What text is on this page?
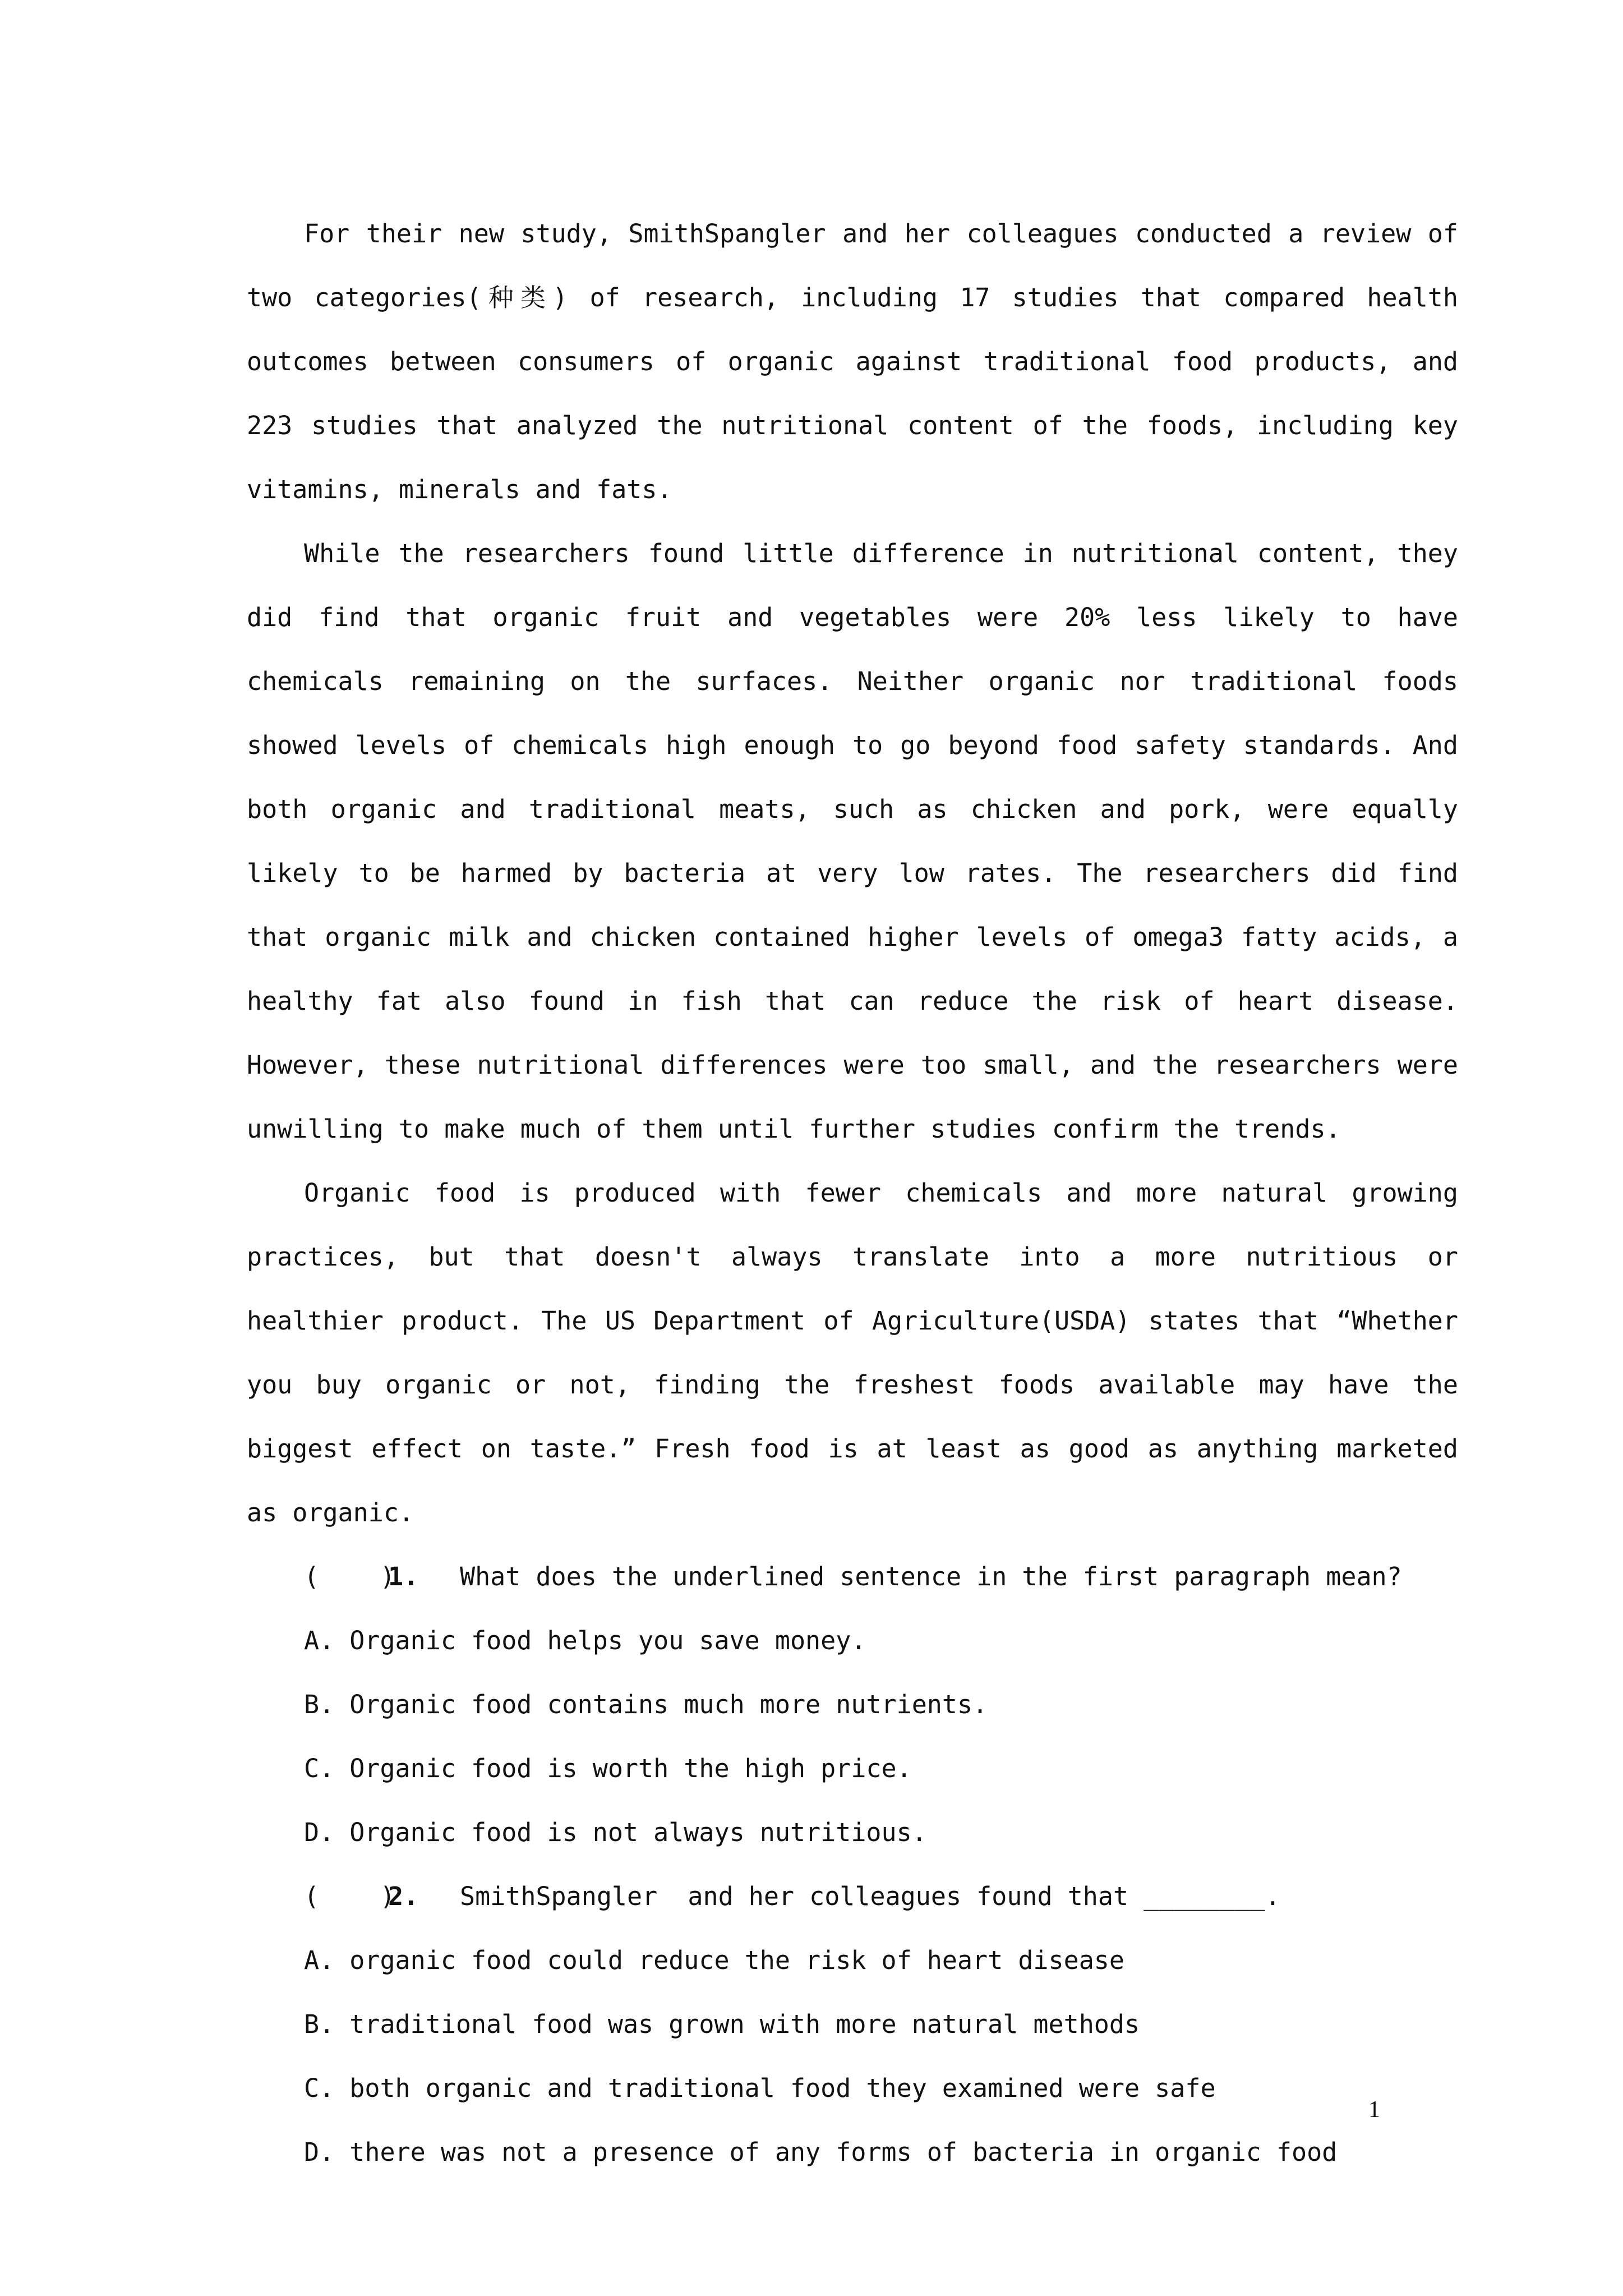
For their new study, SmithSpangler and her colleagues conducted a review of two categories(种类) of research, including 17 studies that compared health outcomes between consumers of organic against traditional food products, and 223 studies that analyzed the nutritional content of the foods, including key vitamins, minerals and fats.

While the researchers found little difference in nutritional content, they did find that organic fruit and vegetables were 20% less likely to have chemicals remaining on the surfaces. Neither organic nor traditional foods showed levels of chemicals high enough to go beyond food safety standards. And both organic and traditional meats, such as chicken and pork, were equally likely to be harmed by bacteria at very low rates. The researchers did find that organic milk and chicken contained higher levels of omega3 fatty acids, a healthy fat also found in fish that can reduce the risk of heart disease. However, these nutritional differences were too small, and the researchers were unwilling to make much of them until further studies confirm the trends.

Organic food is produced with fewer chemicals and more natural growing practices, but that doesn't always translate into a more nutritious or healthier product. The US Department of Agriculture(USDA) states that “Whether you buy organic or not, finding the freshest foods available may have the biggest effect on taste.” Fresh food is at least as good as anything marketed as organic.

(    )1. What does the underlined sentence in the first paragraph mean?

A. Organic food helps you save money.

B. Organic food contains much more nutrients.

C. Organic food is worth the high price.

D. Organic food is not always nutritious.

(    )2. SmithSpangler  and her colleagues found that ________.

A. organic food could reduce the risk of heart disease

B. traditional food was grown with more natural methods

C. both organic and traditional food they examined were safe

D. there was not a presence of any forms of bacteria in organic food

1
